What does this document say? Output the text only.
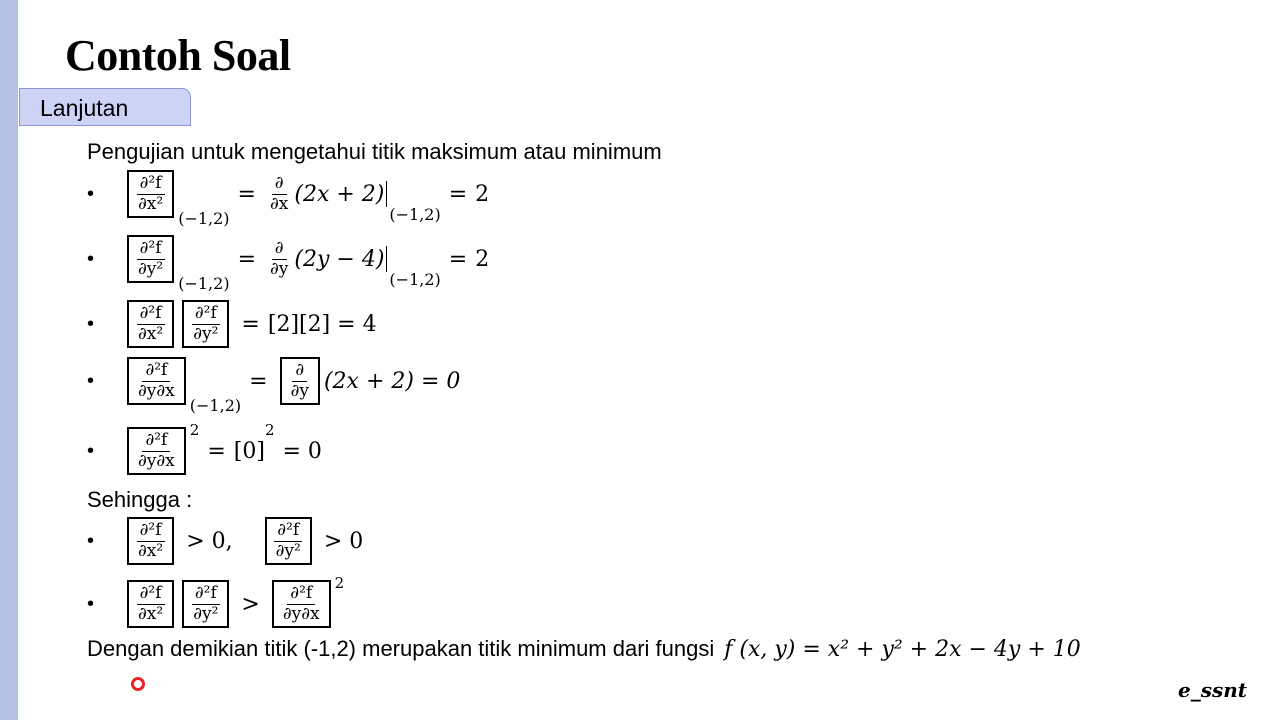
Contoh Soal
Lanjutan
Pengujian untuk mengetahui titik maksimum atau minimum
•	$\frac{\text{∂²f}}{\text{∂x²}}$
(−1,2)
= $\frac{\partial}{\partial x} (2x + 2)$
(−1,2)
= 2
•	$\frac{\text{∂²f}}{\text{∂y²}}$
(−1,2)
= $\frac{\partial}{\partial y} (2y - 4)$
(−1,2)
= 2
•	$\frac{\text{∂²f}}{\text{∂x²}} \frac{\text{∂²f}}{\text{∂y²}} = [2][2] = 4$
•	$\frac{\text{∂²f}}{\partial y\partial x}$
(−1,2)
= $\frac{\partial}{\partial y} (2x + 2) = 0$
•	$\frac{\text{∂²f}}{\partial y\partial x}$
2
= [0]
2
= 0
Sehingga :
•	$\frac{\text{∂²f}}{\text{∂x²}} > 0$, $\frac{\text{∂²f}}{\text{∂y²}} > 0$
•	$\frac{\text{∂²f}}{\text{∂x²}} \frac{\text{∂²f}}{\text{∂y²}} > \frac{\text{∂²f}}{\partial y\partial x}$
2
Dengan demikian titik (-1,2) merupakan titik minimum dari fungsi f (x, y) = x² + y² + 2x − 4y + 10
e_ssnt
